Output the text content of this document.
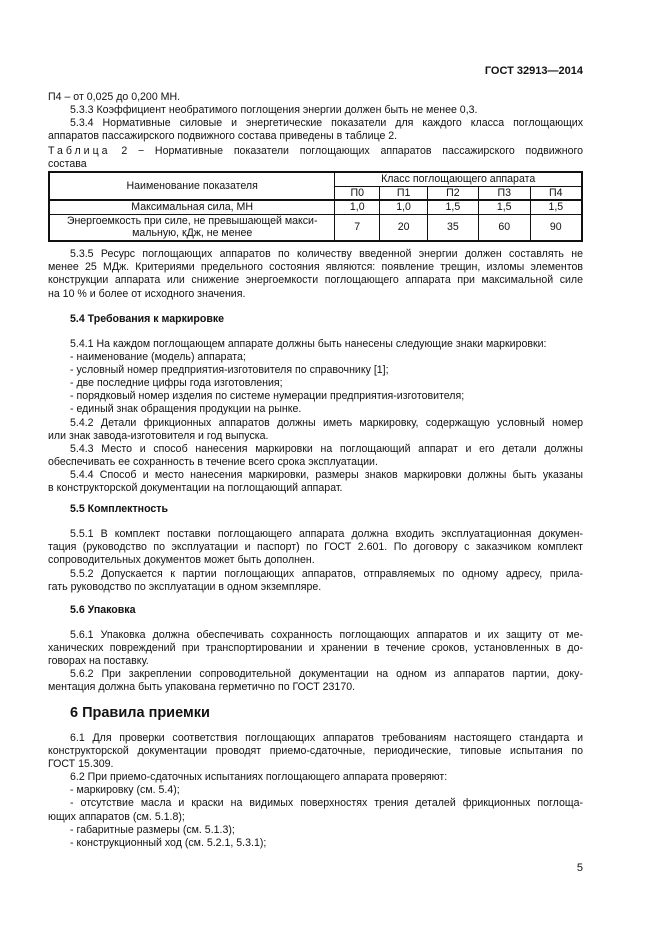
ГОСТ 32913—2014
П4 – от 0,025 до 0,200 МН.
5.3.3 Коэффициент необратимого поглощения энергии должен быть не менее 0,3.
5.3.4 Нормативные силовые и энергетические показатели для каждого класса поглощающих
аппаратов пассажирского подвижного состава приведены в таблице 2.
Таблица 2 − Нормативные показатели поглощающих аппаратов пассажирского подвижного
состава
Наименование показателя	Класс поглощающего аппарата				
	П0	П1	П2	П3	П4
Максимальная сила, МН	1,0	1,0	1,5	1,5	1,5
Энергоемкость при силе, не превышающей макси-
мальную, кДж, не менее	7	20	35	60	90
5.3.5 Ресурс поглощающих аппаратов по количеству введенной энергии должен составлять не
менее 25 МДж. Критериями предельного состояния являются: появление трещин, изломы элементов
конструкции аппарата или снижение энергоемкости поглощающего аппарата при максимальной силе
на 10 % и более от исходного значения.
5.4 Требования к маркировке
5.4.1 На каждом поглощающем аппарате должны быть нанесены следующие знаки маркировки:
- наименование (модель) аппарата;
- условный номер предприятия-изготовителя по справочнику [1];
- две последние цифры года изготовления;
- порядковый номер изделия по системе нумерации предприятия-изготовителя;
- единый знак обращения продукции на рынке.
5.4.2 Детали фрикционных аппаратов должны иметь маркировку, содержащую условный номер
или знак завода-изготовителя и год выпуска.
5.4.3 Место и способ нанесения маркировки на поглощающий аппарат и его детали должны
обеспечивать ее сохранность в течение всего срока эксплуатации.
5.4.4 Способ и место нанесения маркировки, размеры знаков маркировки должны быть указаны
в конструкторской документации на поглощающий аппарат.
5.5 Комплектность
5.5.1 В комплект поставки поглощающего аппарата должна входить эксплуатационная докумен-
тация (руководство по эксплуатации и паспорт) по ГОСТ 2.601. По договору с заказчиком комплект
сопроводительных документов может быть дополнен.
5.5.2 Допускается к партии поглощающих аппаратов, отправляемых по одному адресу, прила-
гать руководство по эксплуатации в одном экземпляре.
5.6 Упаковка
5.6.1 Упаковка должна обеспечивать сохранность поглощающих аппаратов и их защиту от ме-
ханических повреждений при транспортировании и хранении в течение сроков, установленных в до-
говорах на поставку.
5.6.2 При закреплении сопроводительной документации на одном из аппаратов партии, доку-
ментация должна быть упакована герметично по ГОСТ 23170.
6 Правила приемки
6.1 Для проверки соответствия поглощающих аппаратов требованиям настоящего стандарта и
конструкторской документации проводят приемо-сдаточные, периодические, типовые испытания по
ГОСТ 15.309.
6.2 При приемо-сдаточных испытаниях поглощающего аппарата проверяют:
- маркировку (см. 5.4);
- отсутствие масла и краски на видимых поверхностях трения деталей фрикционных поглоща-
ющих аппаратов (см. 5.1.8);
- габаритные размеры (см. 5.1.3);
- конструкционный ход (см. 5.2.1, 5.3.1);
5
